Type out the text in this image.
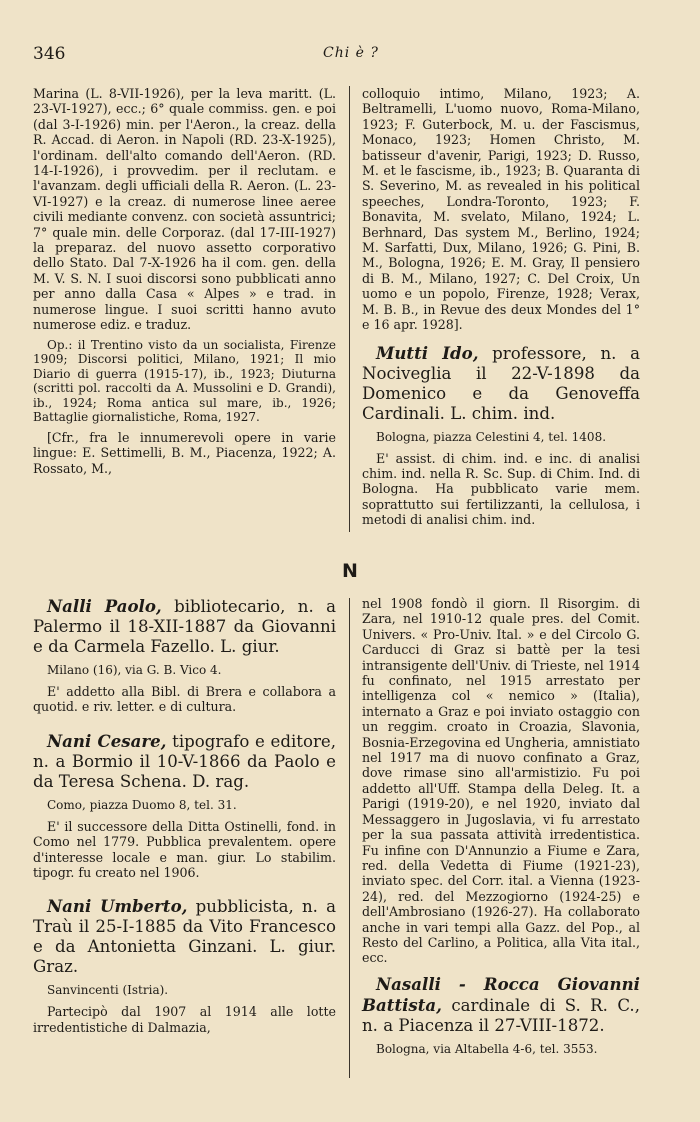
346	Chi è ?

Marina (L. 8-VII-1926), per la leva maritt. (L. 23-VI-1927), ecc.; 6° quale commiss. gen. e poi (dal 3-I-1926) min. per l'Aeron., la creaz. della R. Accad. di Aeron. in Napoli (RD. 23-X-1925), l'ordinam. dell'alto comando dell'Aeron. (RD. 14-I-1926), i provvedim. per il reclutam. e l'avanzam. degli ufficiali della R. Aeron. (L. 23-VI-1927) e la creaz. di numerose linee aeree civili mediante convenz. con società assuntrici; 7° quale min. delle Corporaz. (dal 17-III-1927) la preparaz. del nuovo assetto corporativo dello Stato. Dal 7-X-1926 ha il com. gen. della M. V. S. N. I suoi discorsi sono pubblicati anno per anno dalla Casa « Alpes » e trad. in numerose lingue. I suoi scritti hanno avuto numerose ediz. e traduz.

Op.: il Trentino visto da un socialista, Firenze 1909; Discorsi politici, Milano, 1921; Il mio Diario di guerra (1915-17), ib., 1923; Diuturna (scritti pol. raccolti da A. Mussolini e D. Grandi), ib., 1924; Roma antica sul mare, ib., 1926; Battaglie giornalistiche, Roma, 1927.

[Cfr., fra le innumerevoli opere in varie lingue: E. Settimelli, B. M., Piacenza, 1922; A. Rossato, M.,

colloquio intimo, Milano, 1923; A. Beltramelli, L'uomo nuovo, Roma-Milano, 1923; F. Guterbock, M. u. der Fascismus, Monaco, 1923; Homen Christo, M. batisseur d'avenir, Parigi, 1923; D. Russo, M. et le fascisme, ib., 1923; B. Quaranta di S. Severino, M. as revealed in his political speeches, Londra-Toronto, 1923; F. Bonavita, M. svelato, Milano, 1924; L. Berhnard, Das system M., Berlino, 1924; M. Sarfatti, Dux, Milano, 1926; G. Pini, B. M., Bologna, 1926; E. M. Gray, Il pensiero di B. M., Milano, 1927; C. Del Croix, Un uomo e un popolo, Firenze, 1928; Verax, M. B. B., in Revue des deux Mondes del 1° e 16 apr. 1928].

Mutti Ido, professore, n. a Nociveglia il 22-V-1898 da Domenico e da Genoveffa Cardinali. L. chim. ind.

Bologna, piazza Celestini 4, tel. 1408.

E' assist. di chim. ind. e inc. di analisi chim. ind. nella R. Sc. Sup. di Chim. Ind. di Bologna. Ha pubblicato varie mem. soprattutto sui fertilizzanti, la cellulosa, i metodi di analisi chim. ind.

N

Nalli Paolo, bibliotecario, n. a Palermo il 18-XII-1887 da Giovanni e da Carmela Fazello. L. giur.

Milano (16), via G. B. Vico 4.

E' addetto alla Bibl. di Brera e collabora a quotid. e riv. letter. e di cultura.

Nani Cesare, tipografo e editore, n. a Bormio il 10-V-1866 da Paolo e da Teresa Schena. D. rag.

Como, piazza Duomo 8, tel. 31.

E' il successore della Ditta Ostinelli, fond. in Como nel 1779. Pubblica prevalentem. opere d'interesse locale e man. giur. Lo stabilim. tipogr. fu creato nel 1906.

Nani Umberto, pubblicista, n. a Traù il 25-I-1885 da Vito Francesco e da Antonietta Ginzani. L. giur. Graz.

Sanvincenti (Istria).

Partecipò dal 1907 al 1914 alle lotte irredentistiche di Dalmazia,

nel 1908 fondò il giorn. Il Risorgim. di Zara, nel 1910-12 quale pres. del Comit. Univers. « Pro-Univ. Ital. » e del Circolo G. Carducci di Graz si battè per la tesi intransigente dell'Univ. di Trieste, nel 1914 fu confinato, nel 1915 arrestato per intelligenza col « nemico » (Italia), internato a Graz e poi inviato ostaggio con un reggim. croato in Croazia, Slavonia, Bosnia-Erzegovina ed Ungheria, amnistiato nel 1917 ma di nuovo confinato a Graz, dove rimase sino all'armistizio. Fu poi addetto all'Uff. Stampa della Deleg. It. a Parigi (1919-20), e nel 1920, inviato dal Messaggero in Jugoslavia, vi fu arrestato per la sua passata attività irredentistica. Fu infine con D'Annunzio a Fiume e Zara, red. della Vedetta di Fiume (1921-23), inviato spec. del Corr. ital. a Vienna (1923-24), red. del Mezzogiorno (1924-25) e dell'Ambrosiano (1926-27). Ha collaborato anche in vari tempi alla Gazz. del Pop., al Resto del Carlino, a Politica, alla Vita ital., ecc.

Nasalli - Rocca Giovanni Battista, cardinale di S. R. C., n. a Piacenza il 27-VIII-1872.

Bologna, via Altabella 4-6, tel. 3553.
